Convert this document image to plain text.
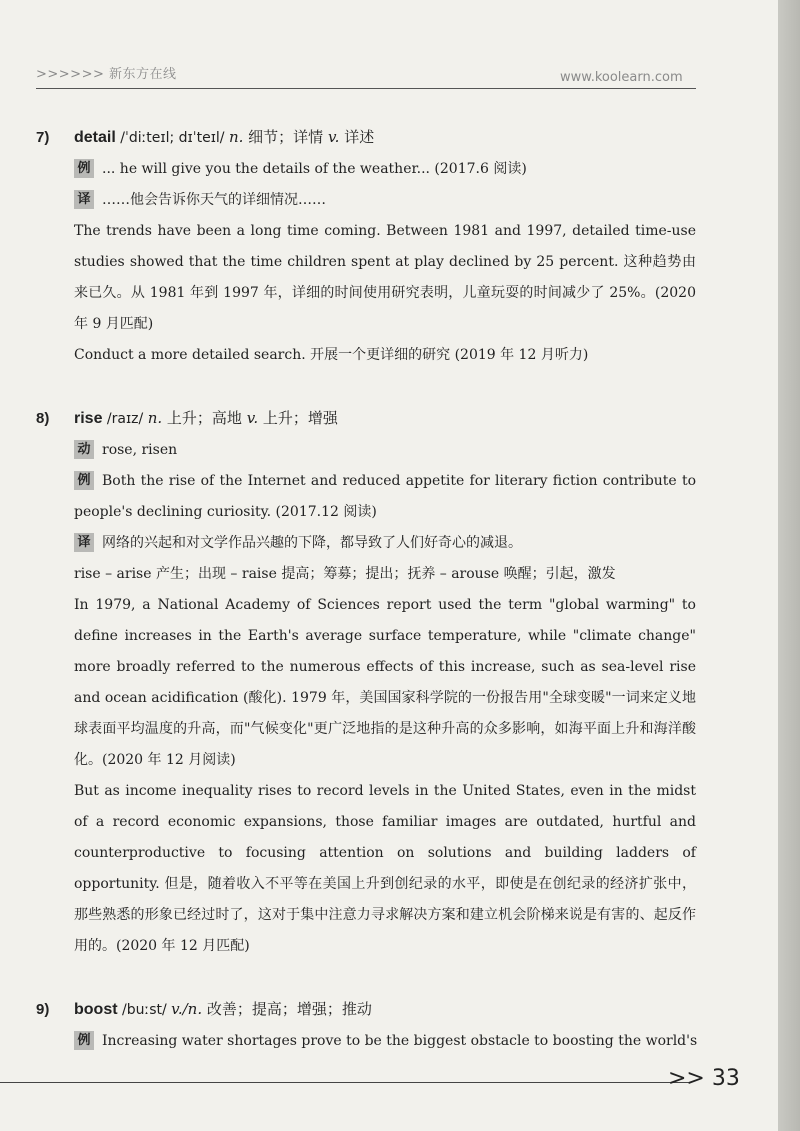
>>>>>> 新东方在线	www.koolearn.com

7) detail /ˈdiːteɪl; dɪˈteɪl/ n. 细节；详情 v. 详述

例 ... he will give you the details of the weather... (2017.6 阅读)

译 ……他会告诉你天气的详细情况……

The trends have been a long time coming. Between 1981 and 1997, detailed time-use studies showed that the time children spent at play declined by 25 percent. 这种趋势由来已久。从 1981 年到 1997 年，详细的时间使用研究表明，儿童玩耍的时间减少了 25%。(2020 年 9 月匹配)

Conduct a more detailed search. 开展一个更详细的研究 (2019 年 12 月听力)

8) rise /raɪz/ n. 上升；高地 v. 上升；增强

动 rose, risen

例 Both the rise of the Internet and reduced appetite for literary fiction contribute to people's declining curiosity. (2017.12 阅读)

译 网络的兴起和对文学作品兴趣的下降，都导致了人们好奇心的减退。

rise – arise 产生；出现 – raise 提高；筹募；提出；抚养 – arouse 唤醒；引起，激发

In 1979, a National Academy of Sciences report used the term "global warming" to define increases in the Earth's average surface temperature, while "climate change" more broadly referred to the numerous effects of this increase, such as sea-level rise and ocean acidification (酸化). 1979 年，美国国家科学院的一份报告用"全球变暖"一词来定义地球表面平均温度的升高，而"气候变化"更广泛地指的是这种升高的众多影响，如海平面上升和海洋酸化。(2020 年 12 月阅读)

But as income inequality rises to record levels in the United States, even in the midst of a record economic expansions, those familiar images are outdated, hurtful and counterproductive to focusing attention on solutions and building ladders of opportunity. 但是，随着收入不平等在美国上升到创纪录的水平，即使是在创纪录的经济扩张中，那些熟悉的形象已经过时了，这对于集中注意力寻求解决方案和建立机会阶梯来说是有害的、起反作用的。(2020 年 12 月匹配)

9) boost /buːst/ v./n. 改善；提高；增强；推动

例 Increasing water shortages prove to be the biggest obstacle to boosting the world's

>> 33
